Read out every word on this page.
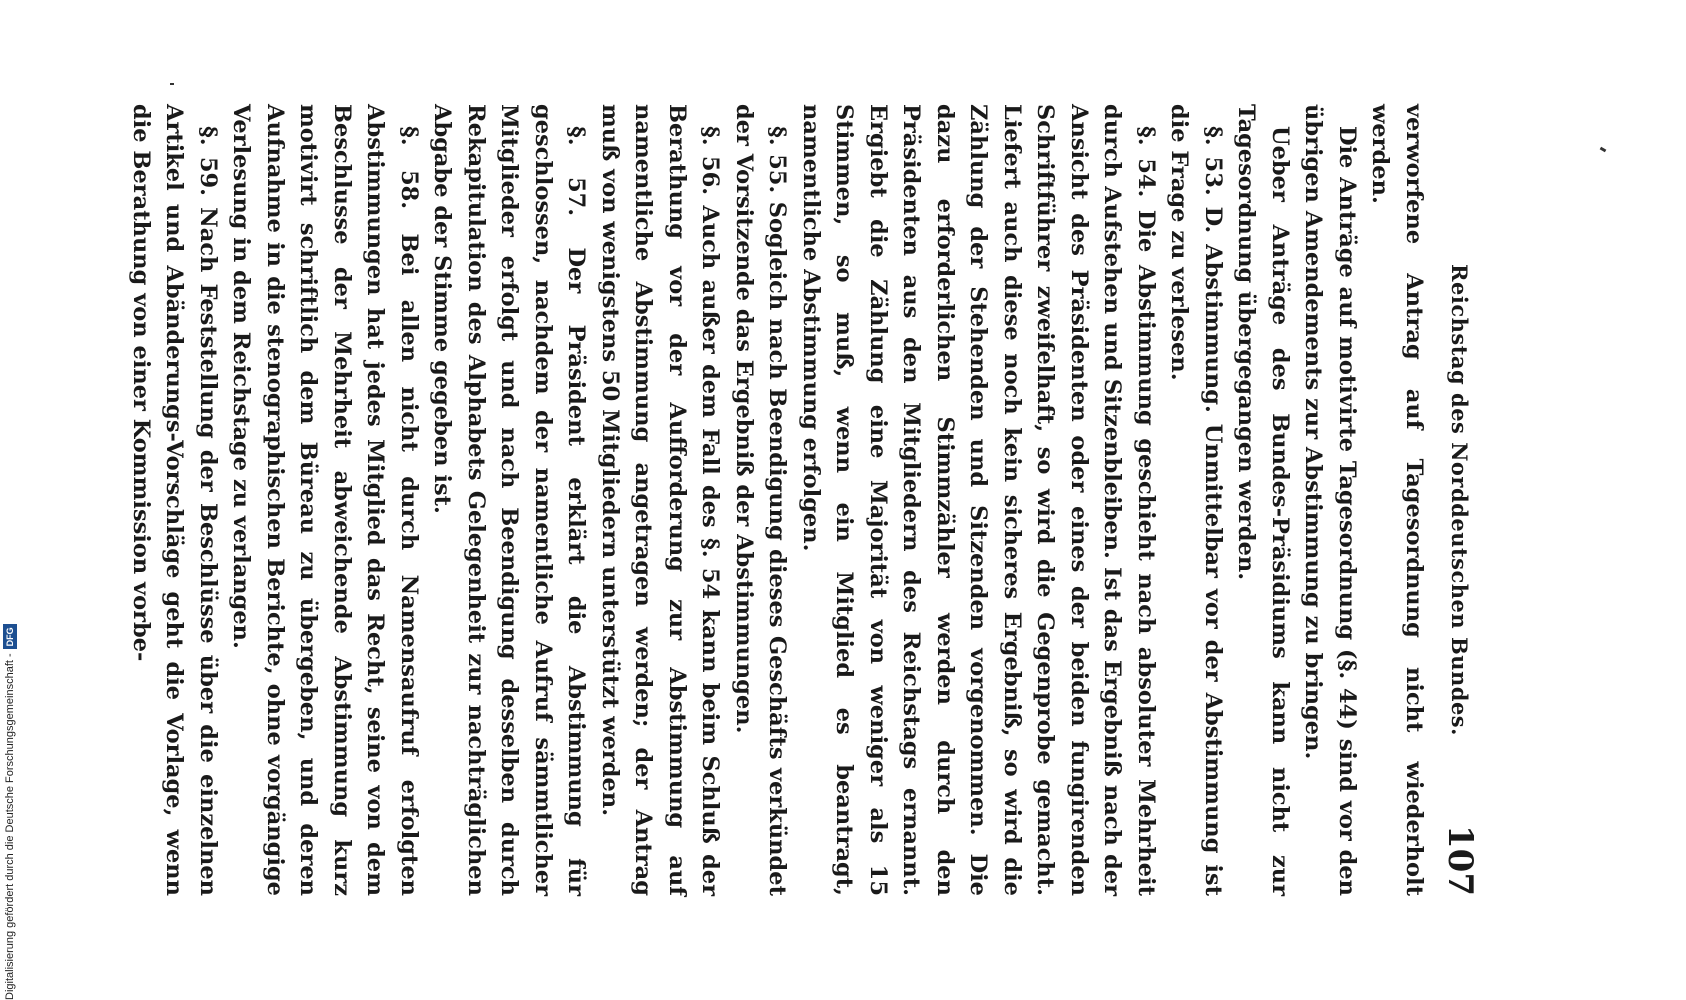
Reichstag des Norddeutschen Bundes.
107

verworfene Antrag auf Tagesordnung nicht wiederholt werden.

Die Anträge auf motivirte Tagesordnung (§. 44) sind vor den übrigen Amendements zur Abstimmung zu bringen.

Ueber Anträge des Bundes-Präsidiums kann nicht zur Tagesordnung übergegangen werden.

§. 53. D. Abstimmung. Unmittelbar vor der Abstimmung ist die Frage zu verlesen.

§. 54. Die Abstimmung geschieht nach absoluter Mehrheit durch Aufstehen und Sitzenbleiben. Ist das Ergebniß nach der Ansicht des Präsidenten oder eines der beiden fungirenden Schriftführer zweifelhaft, so wird die Gegenprobe gemacht. Liefert auch diese noch kein sicheres Ergebniß, so wird die Zählung der Stehenden und Sitzenden vorgenommen. Die dazu erforderlichen Stimmzähler werden durch den Präsidenten aus den Mitgliedern des Reichstags ernannt. Ergiebt die Zählung eine Majorität von weniger als 15 Stimmen, so muß, wenn ein Mitglied es beantragt, namentliche Abstimmung erfolgen.

§. 55. Sogleich nach Beendigung dieses Geschäfts verkündet der Vorsitzende das Ergebniß der Abstimmungen.

§. 56. Auch außer dem Fall des §. 54 kann beim Schluß der Berathung vor der Aufforderung zur Abstimmung auf namentliche Abstimmung angetragen werden; der Antrag muß von wenigstens 50 Mitgliedern unterstützt werden.

§. 57. Der Präsident erklärt die Abstimmung für geschlossen, nachdem der namentliche Aufruf sämmtlicher Mitglieder erfolgt und nach Beendigung desselben durch Rekapitulation des Alphabets Gelegenheit zur nachträglichen Abgabe der Stimme gegeben ist.

§. 58. Bei allen nicht durch Namensaufruf erfolgten Abstimmungen hat jedes Mitglied das Recht, seine von dem Beschlusse der Mehrheit abweichende Abstimmung kurz motivirt schriftlich dem Büreau zu übergeben, und deren Aufnahme in die stenographischen Berichte, ohne vorgängige Verlesung in dem Reichstage zu verlangen.

§. 59. Nach Feststellung der Beschlüsse über die einzelnen Artikel und Abänderungs-Vorschläge geht die Vorlage, wenn die Berathung von einer Kommission vorbe-

Digitalisierung gefördert durch die Deutsche Forschungsgemeinschaft -
DFG
